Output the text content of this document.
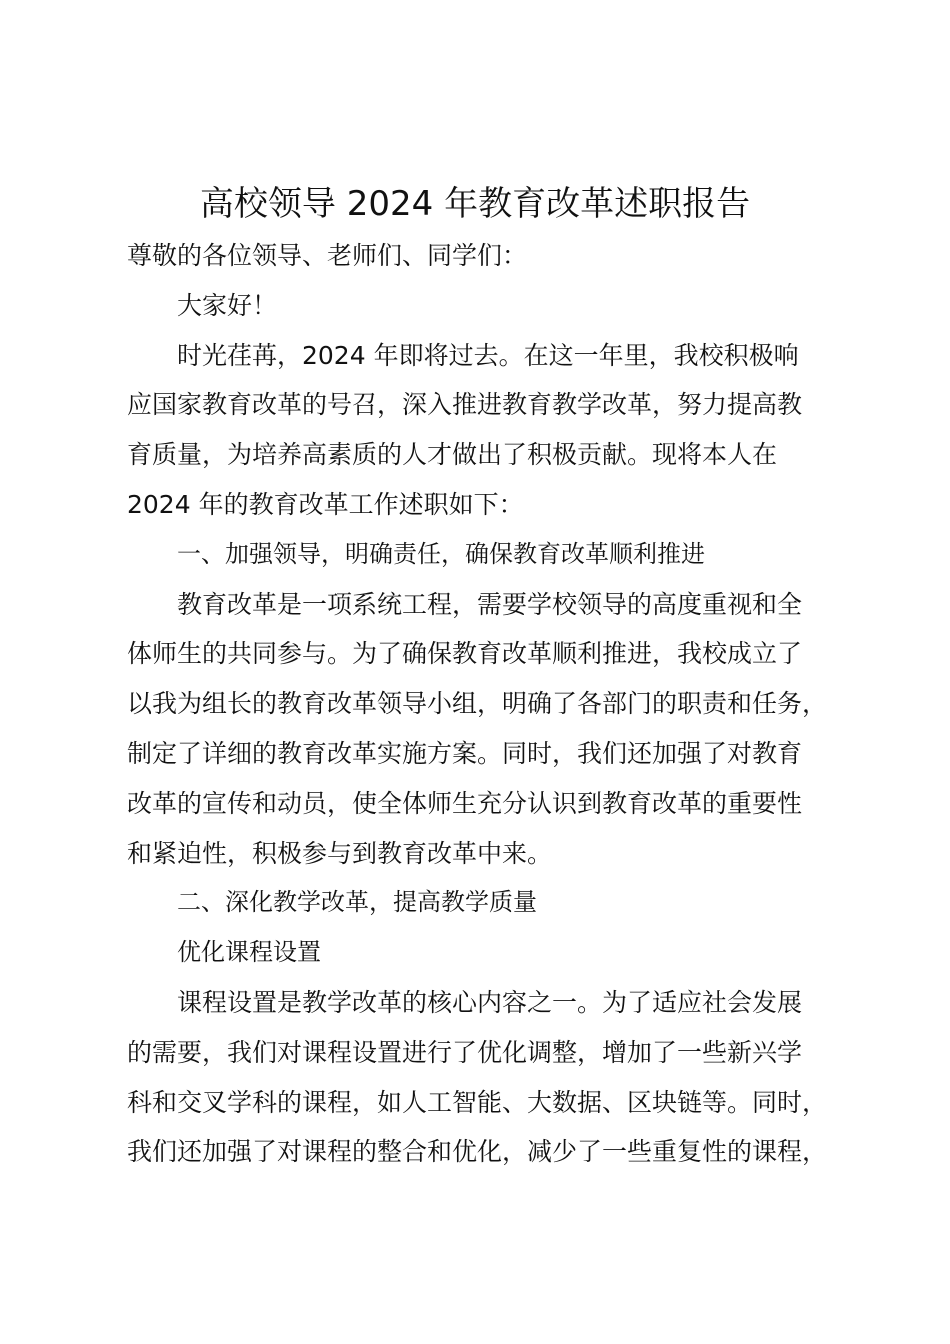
高校领导 2024 年教育改革述职报告
尊敬的各位领导、老师们、同学们：
大家好！
时光荏苒，2024 年即将过去。在这一年里，我校积极响
应国家教育改革的号召，深入推进教育教学改革，努力提高教
育质量，为培养高素质的人才做出了积极贡献。现将本人在
2024 年的教育改革工作述职如下：
一、加强领导，明确责任，确保教育改革顺利推进
教育改革是一项系统工程，需要学校领导的高度重视和全
体师生的共同参与。为了确保教育改革顺利推进，我校成立了
以我为组长的教育改革领导小组，明确了各部门的职责和任务，
制定了详细的教育改革实施方案。同时，我们还加强了对教育
改革的宣传和动员，使全体师生充分认识到教育改革的重要性
和紧迫性，积极参与到教育改革中来。
二、深化教学改革，提高教学质量
优化课程设置
课程设置是教学改革的核心内容之一。为了适应社会发展
的需要，我们对课程设置进行了优化调整，增加了一些新兴学
科和交叉学科的课程，如人工智能、大数据、区块链等。同时，
我们还加强了对课程的整合和优化，减少了一些重复性的课程，
